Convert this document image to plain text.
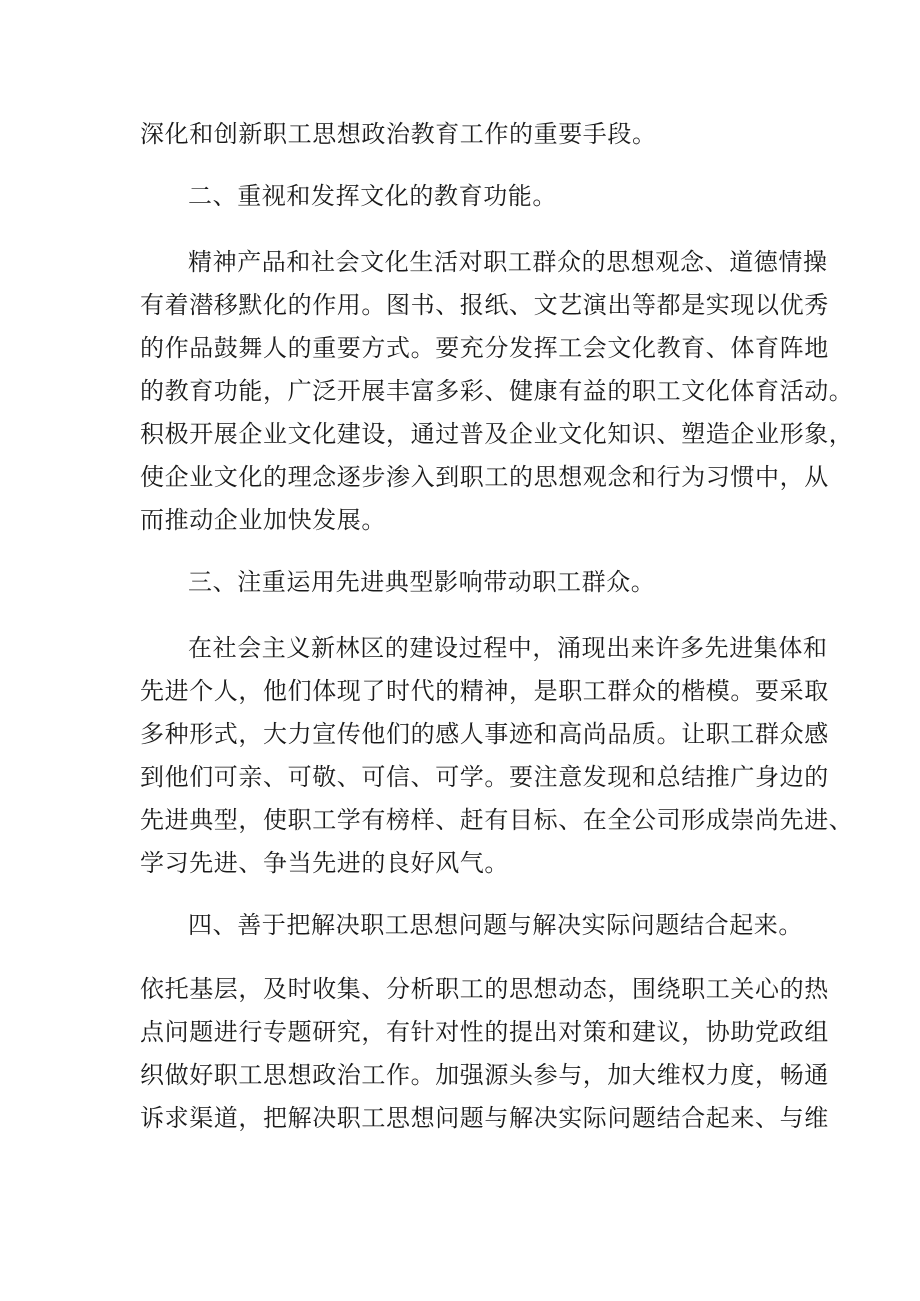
深化和创新职工思想政治教育工作的重要手段。
二、重视和发挥文化的教育功能。
精神产品和社会文化生活对职工群众的思想观念、道德情操
有着潜移默化的作用。图书、报纸、文艺演出等都是实现以优秀
的作品鼓舞人的重要方式。要充分发挥工会文化教育、体育阵地
的教育功能，广泛开展丰富多彩、健康有益的职工文化体育活动。
积极开展企业文化建设，通过普及企业文化知识、塑造企业形象，
使企业文化的理念逐步渗入到职工的思想观念和行为习惯中，从
而推动企业加快发展。
三、注重运用先进典型影响带动职工群众。
在社会主义新林区的建设过程中，涌现出来许多先进集体和
先进个人，他们体现了时代的精神，是职工群众的楷模。要采取
多种形式，大力宣传他们的感人事迹和高尚品质。让职工群众感
到他们可亲、可敬、可信、可学。要注意发现和总结推广身边的
先进典型，使职工学有榜样、赶有目标、在全公司形成崇尚先进、
学习先进、争当先进的良好风气。
四、善于把解决职工思想问题与解决实际问题结合起来。
依托基层，及时收集、分析职工的思想动态，围绕职工关心的热
点问题进行专题研究，有针对性的提出对策和建议，协助党政组
织做好职工思想政治工作。加强源头参与，加大维权力度，畅通
诉求渠道，把解决职工思想问题与解决实际问题结合起来、与维
